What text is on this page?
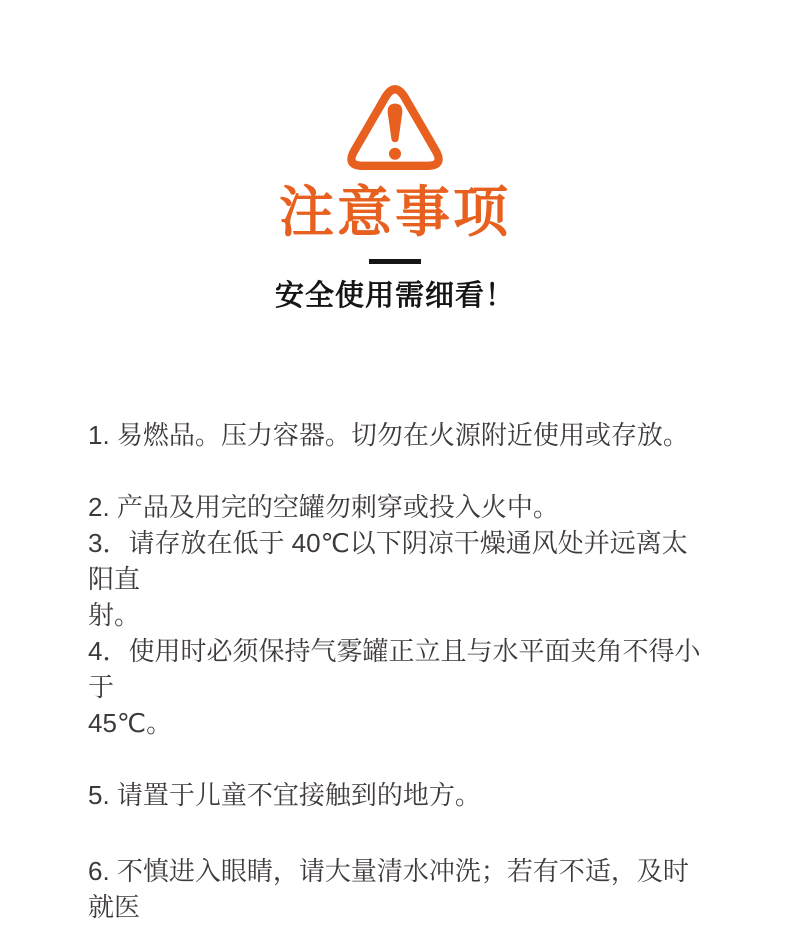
注意事项
安全使用需细看！

1. 易燃品。压力容器。切勿在火源附近使用或存放。

2. 产品及用完的空罐勿刺穿或投入火中。

3．请存放在低于 40℃以下阴凉干燥通风处并远离太阳直
射。

4．使用时必须保持气雾罐正立且与水平面夹角不得小于
45℃。

5. 请置于儿童不宜接触到的地方。

6. 不慎进入眼睛，请大量清水冲洗；若有不适，及时就医
